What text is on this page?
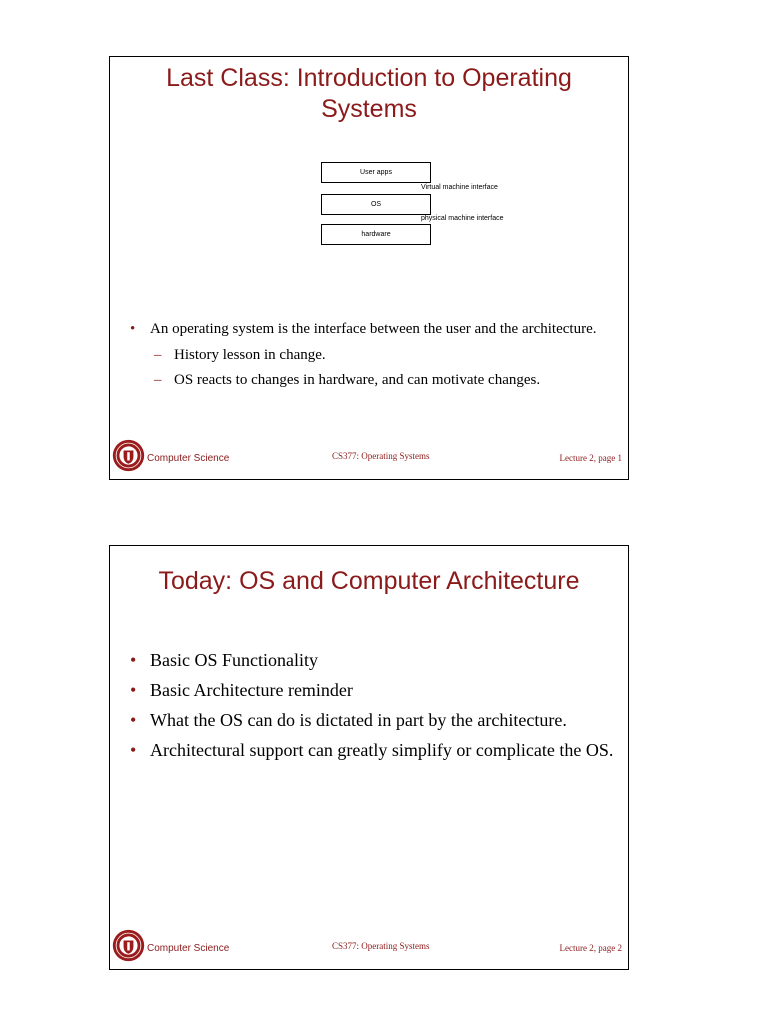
Last Class: Introduction to Operating
Systems
User apps
Virtual machine interface
OS
physical machine interface
hardware
• An operating system is the interface between the user and the architecture.
– History lesson in change.
– OS reacts to changes in hardware, and can motivate changes.
Computer Science	CS377: Operating Systems	Lecture 2, page 1
Today: OS and Computer Architecture
• Basic OS Functionality
• Basic Architecture reminder
• What the OS can do is dictated in part by the architecture.
• Architectural support can greatly simplify or complicate the OS.
Computer Science	CS377: Operating Systems	Lecture 2, page 2
